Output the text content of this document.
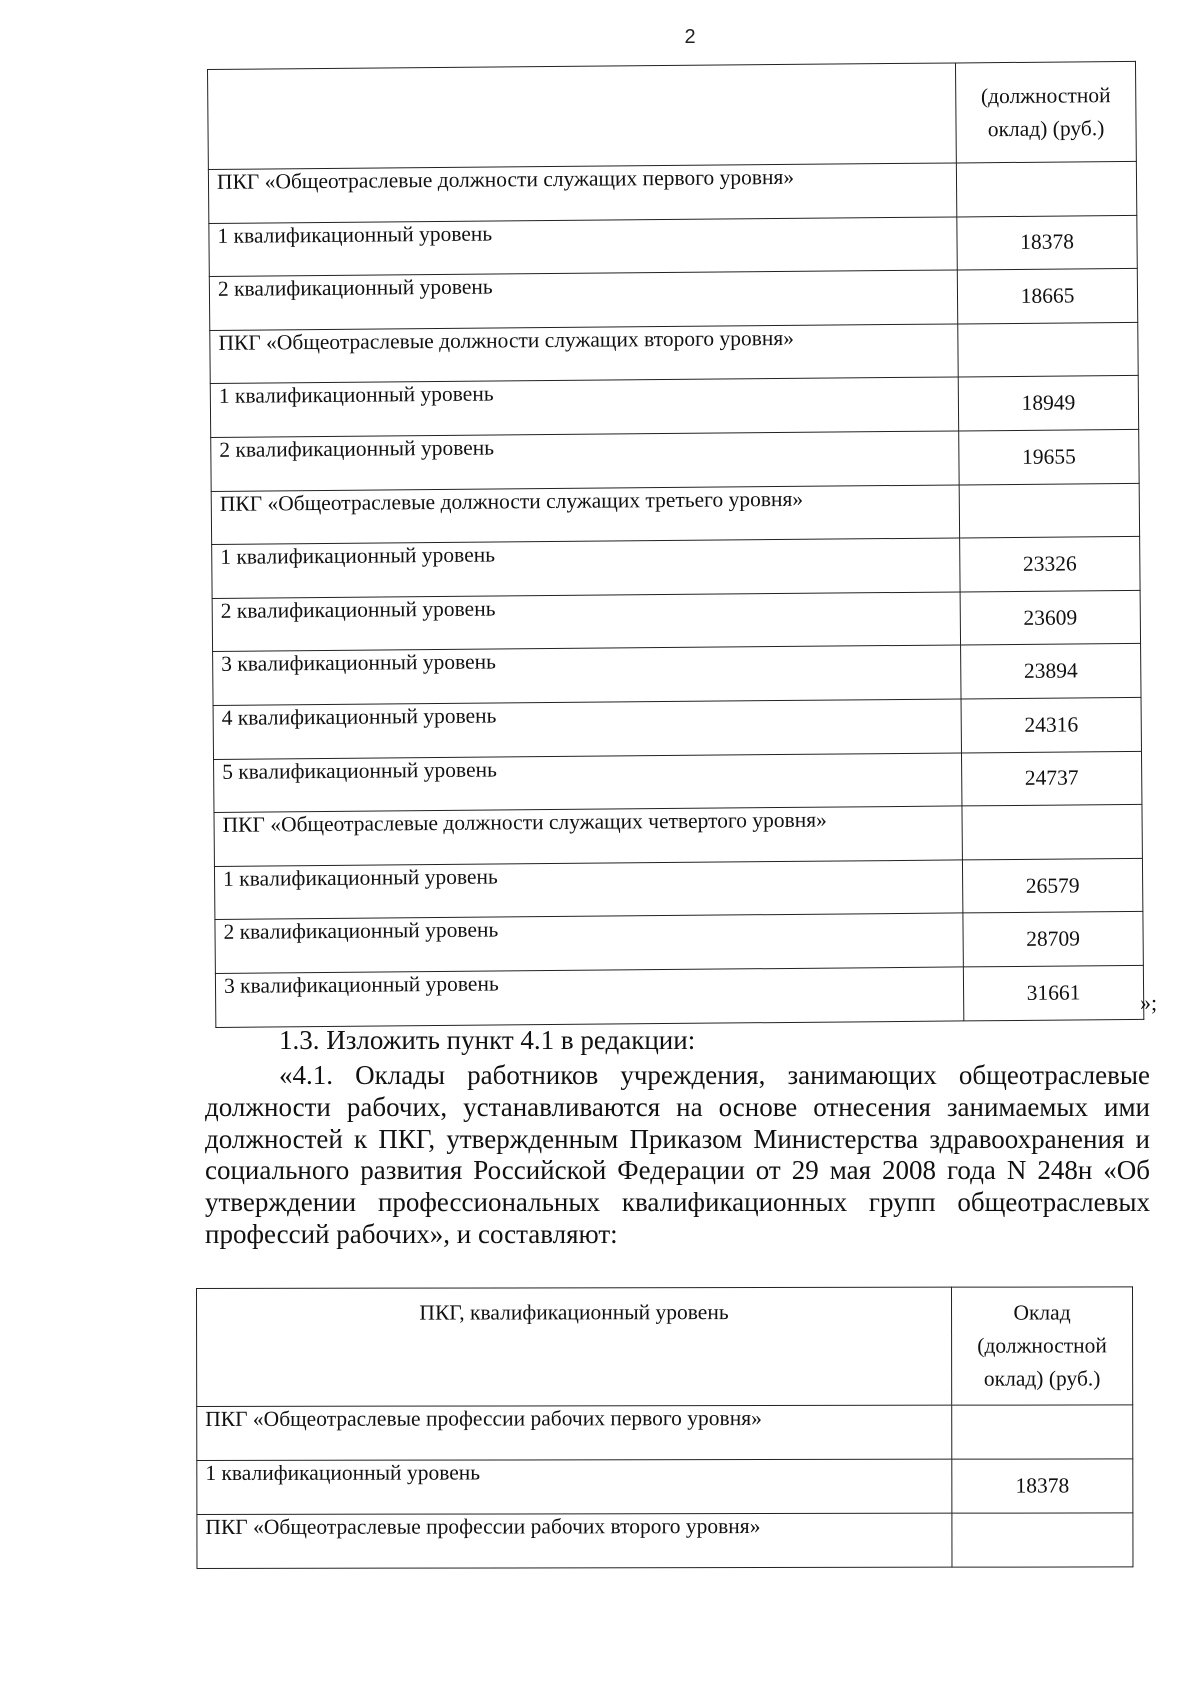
2
	(должностной оклад) (руб.)
ПКГ «Общеотраслевые должности служащих первого уровня»	
1 квалификационный уровень	18378
2 квалификационный уровень	18665
ПКГ «Общеотраслевые должности служащих второго уровня»	
1 квалификационный уровень	18949
2 квалификационный уровень	19655
ПКГ «Общеотраслевые должности служащих третьего уровня»	
1 квалификационный уровень	23326
2 квалификационный уровень	23609
3 квалификационный уровень	23894
4 квалификационный уровень	24316
5 квалификационный уровень	24737
ПКГ «Общеотраслевые должности служащих четвертого уровня»	
1 квалификационный уровень	26579
2 квалификационный уровень	28709
3 квалификационный уровень	31661	»;
1.3. Изложить пункт 4.1 в редакции:
«4.1. Оклады работников учреждения, занимающих общеотраслевые должности рабочих, устанавливаются на основе отнесения занимаемых ими должностей к ПКГ, утвержденным Приказом Министерства здравоохранения и социального развития Российской Федерации от 29 мая 2008 года N 248н «Об утверждении профессиональных квалификационных групп общеотраслевых профессий рабочих», и составляют:
ПКГ, квалификационный уровень	Оклад (должностной оклад) (руб.)
ПКГ «Общеотраслевые профессии рабочих первого уровня»	
1 квалификационный уровень	18378
ПКГ «Общеотраслевые профессии рабочих второго уровня»	
